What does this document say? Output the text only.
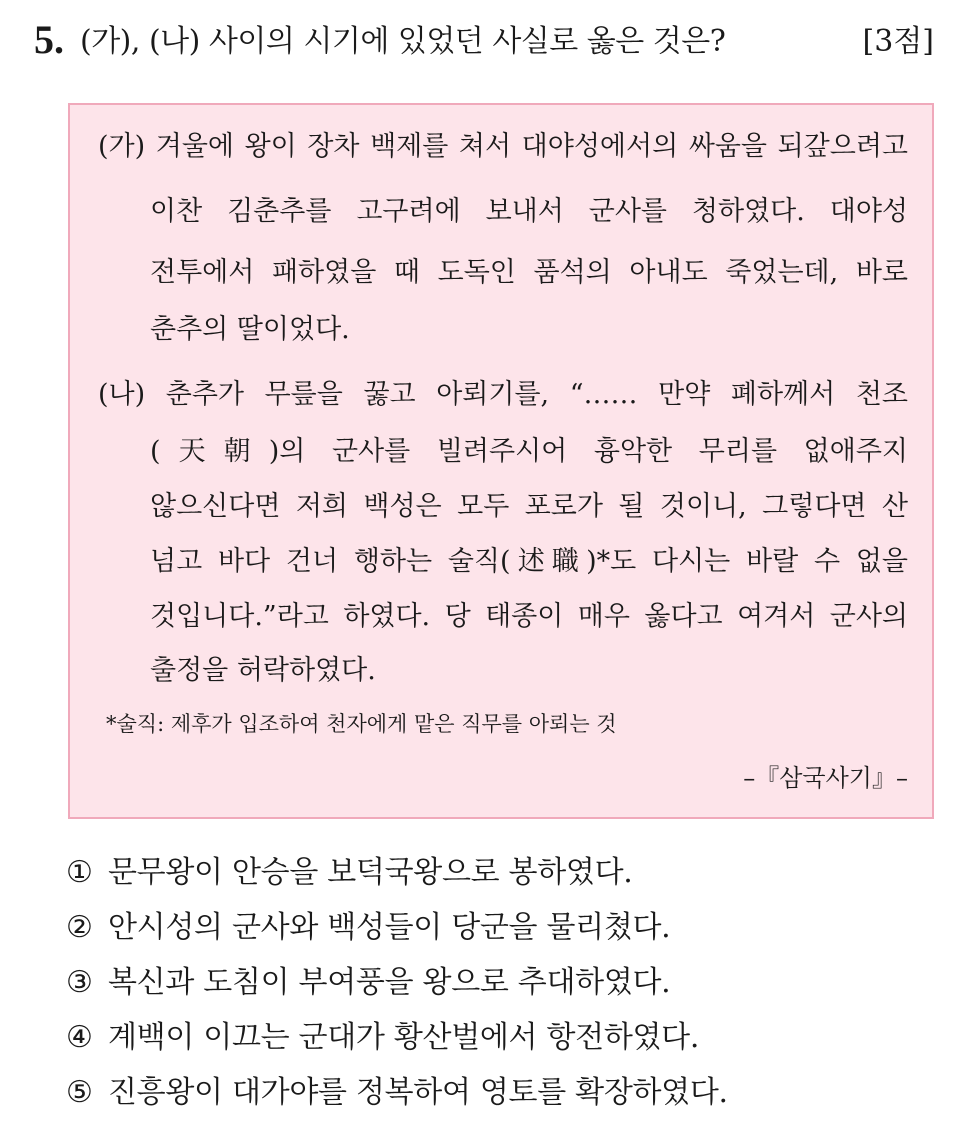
5. (가), (나) 사이의 시기에 있었던 사실로 옳은 것은?	[3점]
(가) 겨울에 왕이 장차 백제를 쳐서 대야성에서의 싸움을 되갚으려고
이찬 김춘추를 고구려에 보내서 군사를 청하였다. 대야성
전투에서 패하였을 때 도독인 품석의 아내도 죽었는데, 바로
춘추의 딸이었다.
(나) 춘추가 무릎을 꿇고 아뢰기를, “…… 만약 폐하께서 천조
(天朝)의 군사를 빌려주시어 흉악한 무리를 없애주지
않으신다면 저희 백성은 모두 포로가 될 것이니, 그렇다면 산
넘고 바다 건너 행하는 술직(述職)*도 다시는 바랄 수 없을
것입니다.”라고 하였다. 당 태종이 매우 옳다고 여겨서 군사의
출정을 허락하였다.
*술직: 제후가 입조하여 천자에게 맡은 직무를 아뢰는 것
–『삼국사기』–
① 문무왕이 안승을 보덕국왕으로 봉하였다.
② 안시성의 군사와 백성들이 당군을 물리쳤다.
③ 복신과 도침이 부여풍을 왕으로 추대하였다.
④ 계백이 이끄는 군대가 황산벌에서 항전하였다.
⑤ 진흥왕이 대가야를 정복하여 영토를 확장하였다.
